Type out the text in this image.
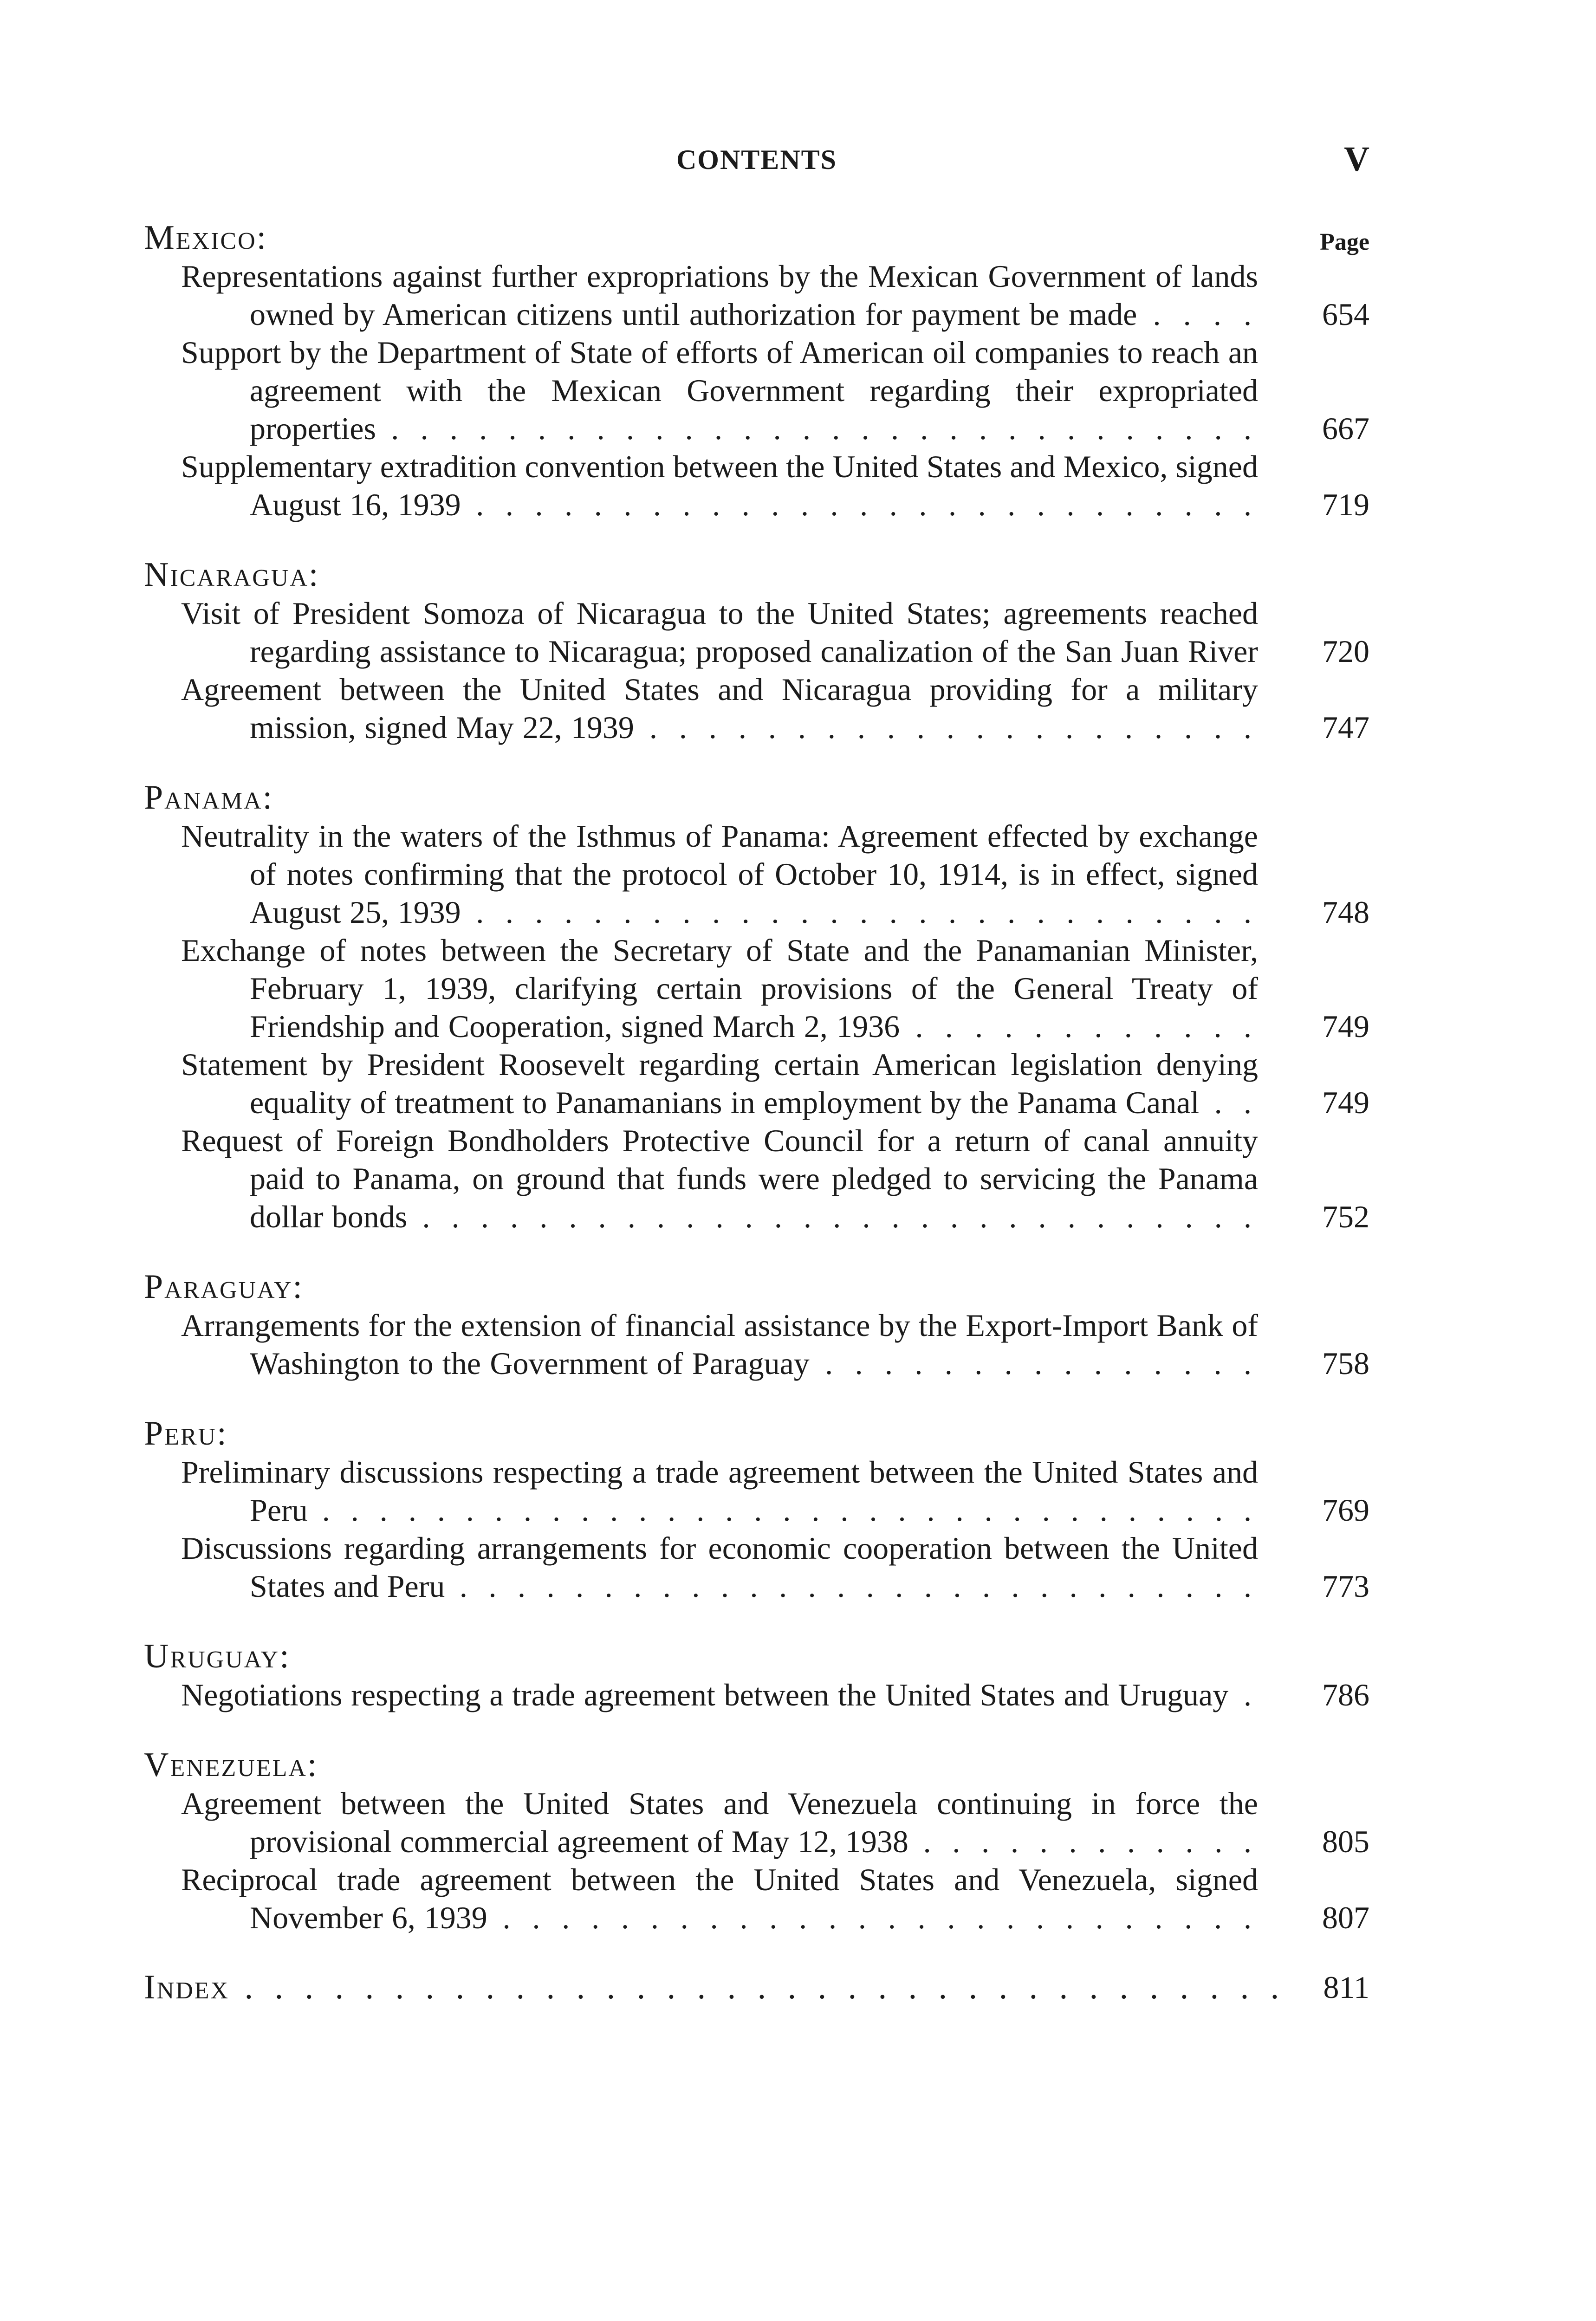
CONTENTS	V
Mexico:	Page
Representations against further expropriations by the Mexican Government of lands owned by American citizens until authorization for payment be made . . .	654
Support by the Department of State of efforts of American oil companies to reach an agreement with the Mexican Government regarding their expropriated properties . . .	667
Supplementary extradition convention between the United States and Mexico, signed August 16, 1939 . . .	719
Nicaragua:
Visit of President Somoza of Nicaragua to the United States; agreements reached regarding assistance to Nicaragua; proposed canalization of the San Juan River . . .	720
Agreement between the United States and Nicaragua providing for a military mission, signed May 22, 1939 . . .	747
Panama:
Neutrality in the waters of the Isthmus of Panama: Agreement effected by exchange of notes confirming that the protocol of October 10, 1914, is in effect, signed August 25, 1939 . . .	748
Exchange of notes between the Secretary of State and the Panamanian Minister, February 1, 1939, clarifying certain provisions of the General Treaty of Friendship and Cooperation, signed March 2, 1936 . . .	749
Statement by President Roosevelt regarding certain American legislation denying equality of treatment to Panamanians in employment by the Panama Canal . . .	749
Request of Foreign Bondholders Protective Council for a return of canal annuity paid to Panama, on ground that funds were pledged to servicing the Panama dollar bonds . . .	752
Paraguay:
Arrangements for the extension of financial assistance by the Export-Import Bank of Washington to the Government of Paraguay . . .	758
Peru:
Preliminary discussions respecting a trade agreement between the United States and Peru . . .	769
Discussions regarding arrangements for economic cooperation between the United States and Peru . . .	773
Uruguay:
Negotiations respecting a trade agreement between the United States and Uruguay . . .	786
Venezuela:
Agreement between the United States and Venezuela continuing in force the provisional commercial agreement of May 12, 1938 . . .	805
Reciprocal trade agreement between the United States and Venezuela, signed November 6, 1939 . . .	807
Index . . .	811
